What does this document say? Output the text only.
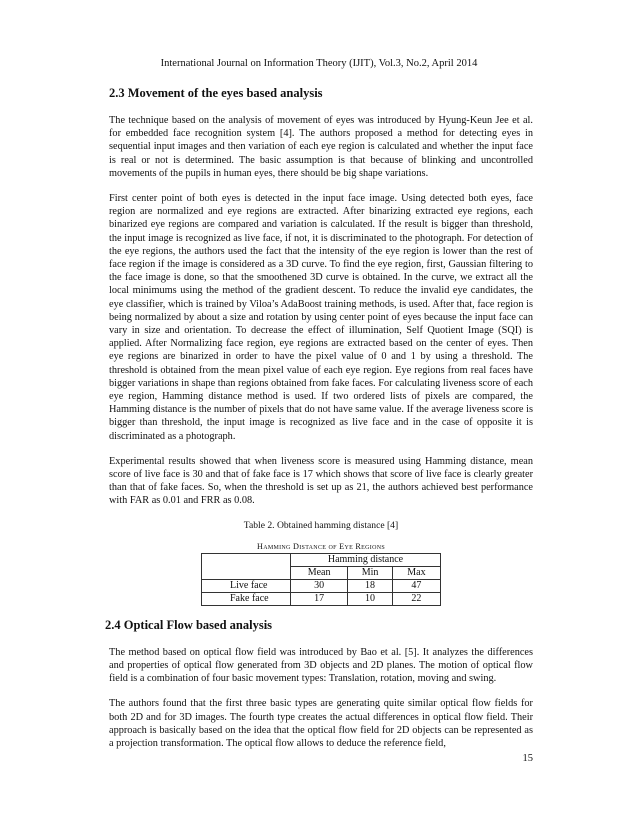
International Journal on Information Theory (IJIT), Vol.3, No.2, April 2014
2.3 Movement of the eyes based analysis

The technique based on the analysis of movement of eyes was introduced by Hyung-Keun Jee et al. for embedded face recognition system [4]. The authors proposed a method for detecting eyes in sequential input images and then variation of each eye region is calculated and whether the input face is real or not is determined. The basic assumption is that because of blinking and uncontrolled movements of the pupils in human eyes, there should be big shape variations.

First center point of both eyes is detected in the input face image. Using detected both eyes, face region are normalized and eye regions are extracted. After binarizing extracted eye regions, each binarized eye regions are compared and variation is calculated. If the result is bigger than threshold, the input image is recognized as live face, if not, it is discriminated to the photograph. For detection of the eye regions, the authors used the fact that the intensity of the eye region is lower than the rest of face region if the image is considered as a 3D curve. To find the eye region, first, Gaussian filtering to the face image is done, so that the smoothened 3D curve is obtained. In the curve, we extract all the local minimums using the method of the gradient descent. To reduce the invalid eye candidates, the eye classifier, which is trained by Viloa’s AdaBoost training methods, is used. After that, face region is being normalized by about a size and rotation by using center point of eyes because the input face can vary in size and orientation. To decrease the effect of illumination, Self Quotient Image (SQI) is applied. After Normalizing face region, eye regions are extracted based on the center of eyes. Then eye regions are binarized in order to have the pixel value of 0 and 1 by using a threshold. The threshold is obtained from the mean pixel value of each eye region. Eye regions from real faces have bigger variations in shape than regions obtained from fake faces. For calculating liveness score of each eye region, Hamming distance method is used. If two ordered lists of pixels are compared, the Hamming distance is the number of pixels that do not have same value. If the average liveness score is bigger than threshold, the input image is recognized as live face and in the case of opposite it is discriminated as a photograph.

Experimental results showed that when liveness score is measured using Hamming distance, mean score of live face is 30 and that of fake face is 17 which shows that score of live face is clearly greater than that of fake faces. So, when the threshold is set up as 21, the authors achieved best performance with FAR as 0.01 and FRR as 0.08.

Table 2. Obtained hamming distance [4]
Hamming Distance of Eye Regions
	Hamming distance		
	Mean	Min	Max
Live face	30	18	47
Fake face	17	10	22
2.4 Optical Flow based analysis

The method based on optical flow field was introduced by Bao et al. [5]. It analyzes the differences and properties of optical flow generated from 3D objects and 2D planes. The motion of optical flow field is a combination of four basic movement types: Translation, rotation, moving and swing.

The authors found that the first three basic types are generating quite similar optical flow fields for both 2D and for 3D images. The fourth type creates the actual differences in optical flow field. Their approach is basically based on the idea that the optical flow field for 2D objects can be represented as a projection transformation. The optical flow allows to deduce the reference field,

15
